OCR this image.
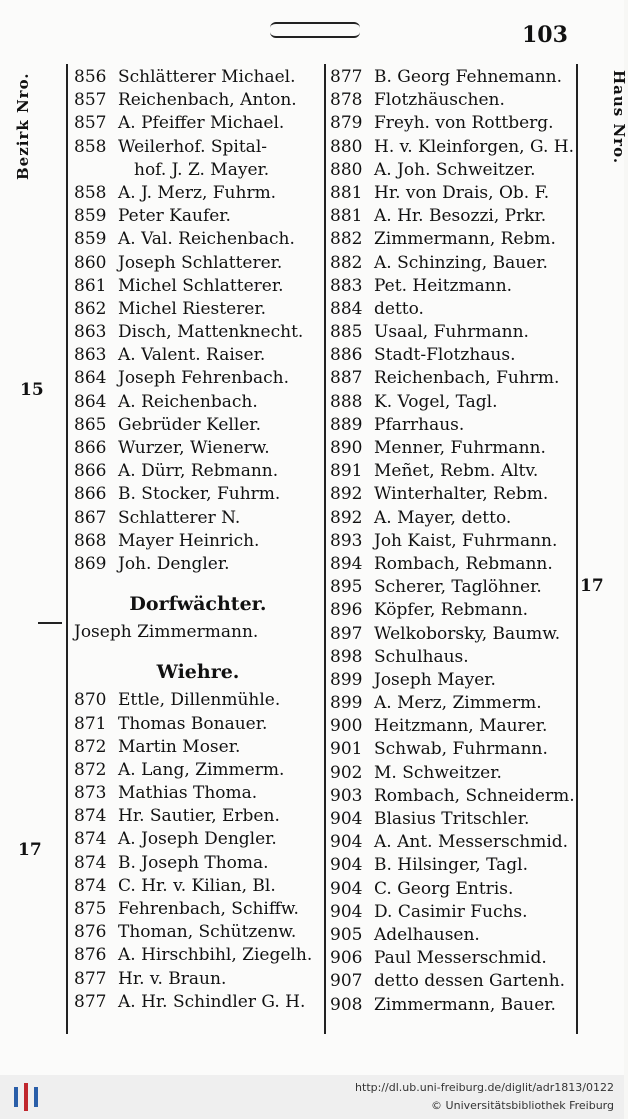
103
Bezirk Nro.	Haus Nro.
15
17
17
856 Schlätterer Michael.
857 Reichenbach, Anton.
857 A. Pfeiffer Michael.
858 Weilerhof. Spital-
hof. J. Z. Mayer.
858 A. J. Merz, Fuhrm.
859 Peter Kaufer.
859 A. Val. Reichenbach.
860 Joseph Schlatterer.
861 Michel Schlatterer.
862 Michel Riesterer.
863 Disch, Mattenknecht.
863 A. Valent. Raiser.
864 Joseph Fehrenbach.
864 A. Reichenbach.
865 Gebrüder Keller.
866 Wurzer, Wienerw.
866 A. Dürr, Rebmann.
866 B. Stocker, Fuhrm.
867 Schlatterer N.
868 Mayer Heinrich.
869 Joh. Dengler.
Dorfwächter.
Joseph Zimmermann.
Wiehre.
870 Ettle, Dillenmühle.
871 Thomas Bonauer.
872 Martin Moser.
872 A. Lang, Zimmerm.
873 Mathias Thoma.
874 Hr. Sautier, Erben.
874 A. Joseph Dengler.
874 B. Joseph Thoma.
874 C. Hr. v. Kilian, Bl.
875 Fehrenbach, Schiffw.
876 Thoman, Schützenw.
876 A. Hirschbihl, Ziegelh.
877 Hr. v. Braun.
877 A. Hr. Schindler G. H.
877 B. Georg Fehnemann.
878 Flotzhäuschen.
879 Freyh. von Rottberg.
880 H. v. Kleinforgen, G. H.
880 A. Joh. Schweitzer.
881 Hr. von Drais, Ob. F.
881 A. Hr. Besozzi, Prkr.
882 Zimmermann, Rebm.
882 A. Schinzing, Bauer.
883 Pet. Heitzmann.
884 detto.
885 Usaal, Fuhrmann.
886 Stadt-Flotzhaus.
887 Reichenbach, Fuhrm.
888 K. Vogel, Tagl.
889 Pfarrhaus.
890 Menner, Fuhrmann.
891 Meñet, Rebm. Altv.
892 Winterhalter, Rebm.
892 A. Mayer, detto.
893 Joh Kaist, Fuhrmann.
894 Rombach, Rebmann.
895 Scherer, Taglöhner.
896 Köpfer, Rebmann.
897 Welkoborsky, Baumw.
898 Schulhaus.
899 Joseph Mayer.
899 A. Merz, Zimmerm.
900 Heitzmann, Maurer.
901 Schwab, Fuhrmann.
902 M. Schweitzer.
903 Rombach, Schneiderm.
904 Blasius Tritschler.
904 A. Ant. Messerschmid.
904 B. Hilsinger, Tagl.
904 C. Georg Entris.
904 D. Casimir Fuchs.
905 Adelhausen.
906 Paul Messerschmid.
907 detto dessen Gartenh.
908 Zimmermann, Bauer.
http://dl.ub.uni-freiburg.de/diglit/adr1813/0122
© Universitätsbibliothek Freiburg
